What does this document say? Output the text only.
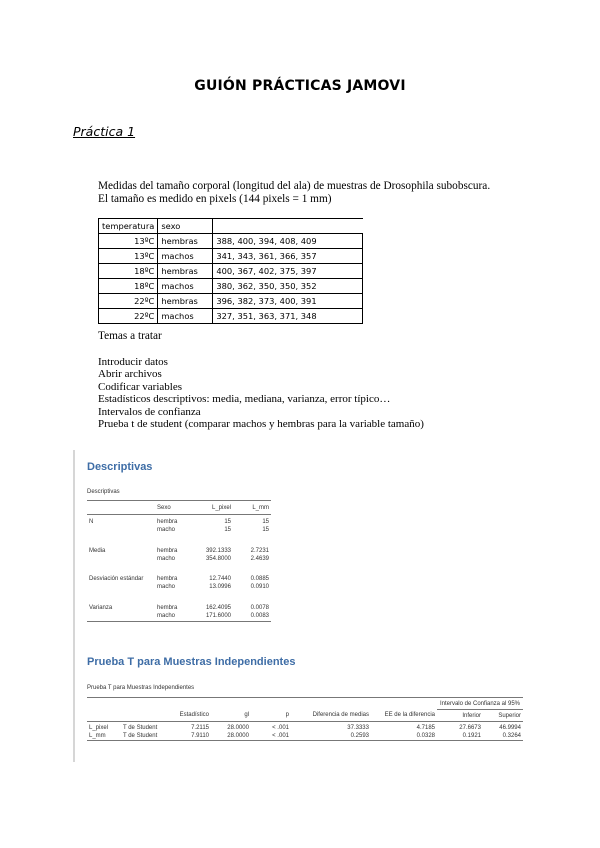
GUIÓN PRÁCTICAS JAMOVI
Práctica 1
Medidas del tamaño corporal (longitud del ala) de muestras de Drosophila subobscura.
El tamaño es medido en pixels (144 pixels = 1 mm)
temperatura	sexo	
13ºC	hembras	388, 400, 394, 408, 409
13ºC	machos	341, 343, 361, 366, 357
18ºC	hembras	400, 367, 402, 375, 397
18ºC	machos	380, 362, 350, 350, 352
22ºC	hembras	396, 382, 373, 400, 391
22ºC	machos	327, 351, 363, 371, 348
Temas a tratar
Introducir datos
Abrir archivos
Codificar variables
Estadísticos descriptivos: media, mediana, varianza, error típico…
Intervalos de confianza
Prueba t de student (comparar machos y hembras para la variable tamaño)
Descriptivas
Descriptivas
	Sexo	L_pixel	L_mm
N	hembra	15	15
	macho	15	15
Media	hembra	392.1333	2.7231
	macho	354.8000	2.4639
Desviación estándar	hembra	12.7440	0.0885
	macho	13.0996	0.0910
Varianza	hembra	162.4095	0.0078
	macho	171.6000	0.0083
Prueba T para Muestras Independientes
Prueba T para Muestras Independientes
							Intervalo de Confianza al 95%	
		Estadístico	gl	p	Diferencia de medias	EE de la diferencia	Inferior	Superior
L_pixel	T de Student	7.2115	28.0000	< .001	37.3333	4.7185	27.6673	46.9994
L_mm	T de Student	7.9110	28.0000	< .001	0.2593	0.0328	0.1921	0.3264
